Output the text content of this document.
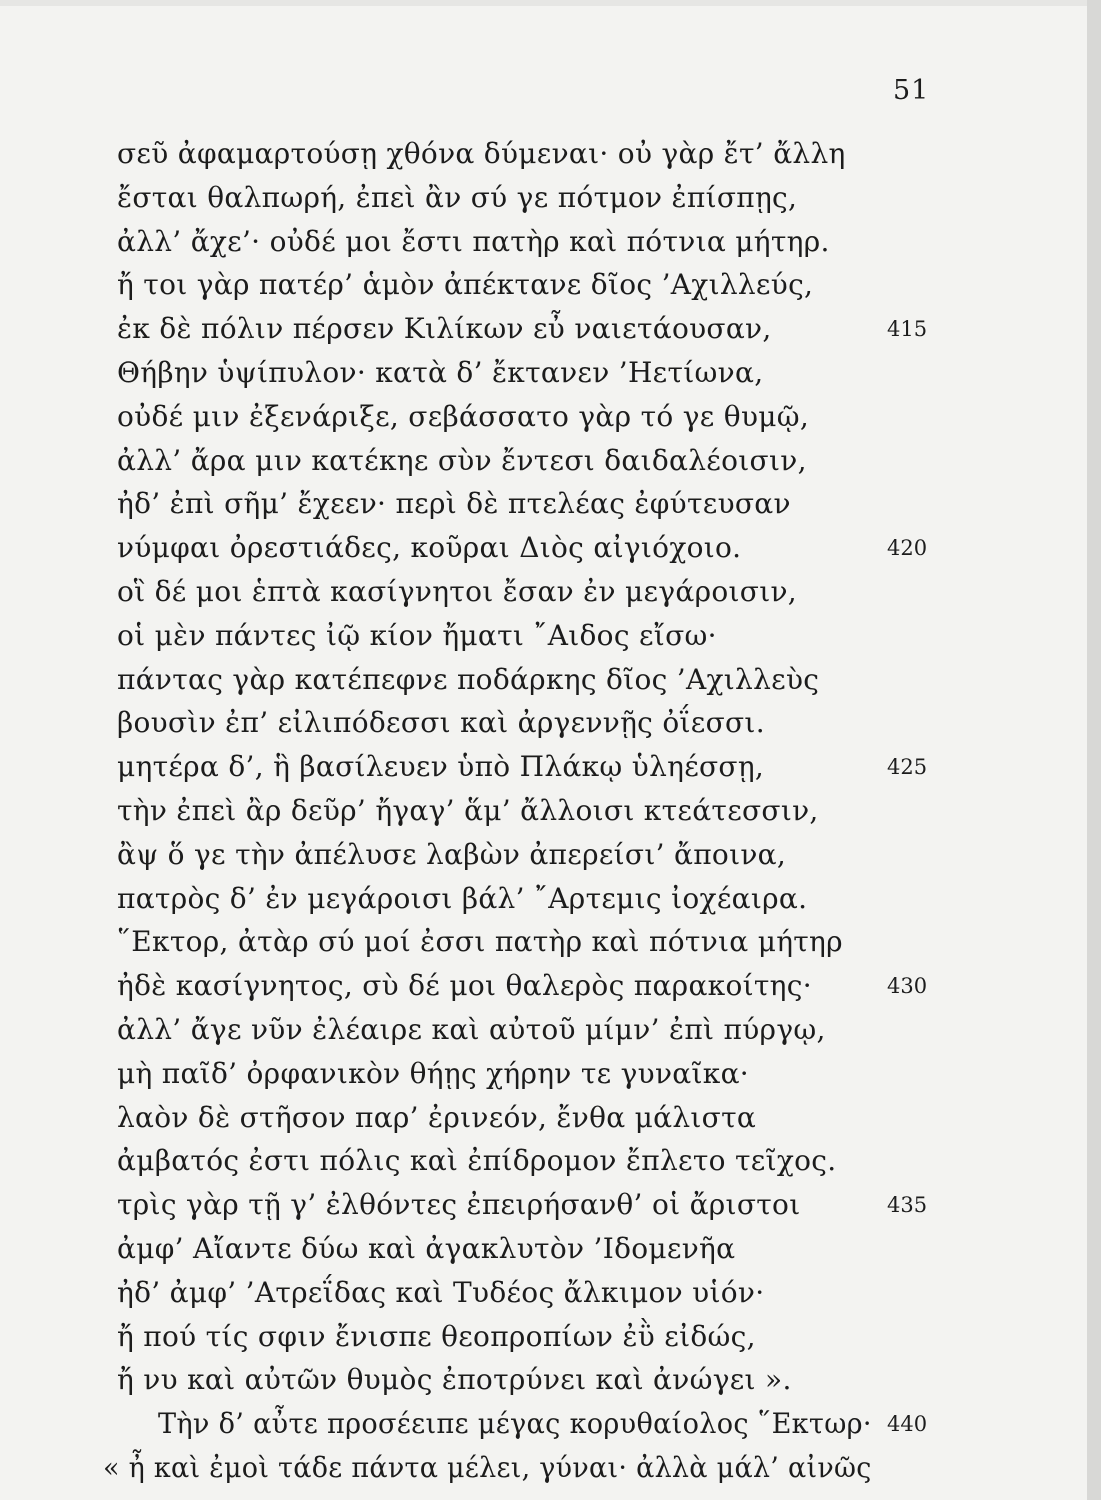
51
σεῦ ἀφαμαρτούσῃ χθόνα δύμεναι· οὐ γὰρ ἔτ’ ἄλλη
ἔσται θαλπωρή, ἐπεὶ ἂν σύ γε πότμον ἐπίσπῃς,
ἀλλ’ ἄχε’· οὐδέ μοι ἔστι πατὴρ καὶ πότνια μήτηρ.
ἤ τοι γὰρ πατέρ’ ἁμὸν ἀπέκτανε δῖος ’Αχιλλεύς,
ἐκ δὲ πόλιν πέρσεν Κιλίκων εὖ ναιετάουσαν,	415
Θήβην ὑψίπυλον· κατὰ δ’ ἔκτανεν ’Ηετίωνα,
οὐδέ μιν ἐξενάριξε, σεβάσσατο γὰρ τό γε θυμῷ,
ἀλλ’ ἄρα μιν κατέκηε σὺν ἔντεσι δαιδαλέοισιν,
ἠδ’ ἐπὶ σῆμ’ ἔχεεν· περὶ δὲ πτελέας ἐφύτευσαν
νύμφαι ὀρεστιάδες, κοῦραι Διὸς αἰγιόχοιο.	420
οἳ δέ μοι ἑπτὰ κασίγνητοι ἔσαν ἐν μεγάροισιν,
οἱ μὲν πάντες ἰῷ κίον ἤματι ῎Αιδος εἴσω·
πάντας γὰρ κατέπεφνε ποδάρκης δῖος ’Αχιλλεὺς
βουσὶν ἐπ’ εἰλιπόδεσσι καὶ ἀργεννῇς ὀΐεσσι.
μητέρα δ’, ἣ βασίλευεν ὑπὸ Πλάκῳ ὑληέσσῃ,	425
τὴν ἐπεὶ ἂρ δεῦρ’ ἤγαγ’ ἅμ’ ἄλλοισι κτεάτεσσιν,
ἂψ ὅ γε τὴν ἀπέλυσε λαβὼν ἀπερείσι’ ἄποινα,
πατρὸς δ’ ἐν μεγάροισι βάλ’ ῎Αρτεμις ἰοχέαιρα.
῞Εκτορ, ἀτὰρ σύ μοί ἐσσι πατὴρ καὶ πότνια μήτηρ
ἠδὲ κασίγνητος, σὺ δέ μοι θαλερὸς παρακοίτης·	430
ἀλλ’ ἄγε νῦν ἐλέαιρε καὶ αὐτοῦ μίμν’ ἐπὶ πύργῳ,
μὴ παῖδ’ ὀρφανικὸν θήῃς χήρην τε γυναῖκα·
λαὸν δὲ στῆσον παρ’ ἐρινεόν, ἔνθα μάλιστα
ἀμβατός ἐστι πόλις καὶ ἐπίδρομον ἔπλετο τεῖχος.
τρὶς γὰρ τῇ γ’ ἐλθόντες ἐπειρήσανθ’ οἱ ἄριστοι	435
ἀμφ’ Αἴαντε δύω καὶ ἀγακλυτὸν ’Ιδομενῆα
ἠδ’ ἀμφ’ ’Ατρεΐδας καὶ Τυδέος ἄλκιμον υἱόν·
ἤ πού τίς σφιν ἔνισπε θεοπροπίων ἐῢ εἰδώς,
ἤ νυ καὶ αὐτῶν θυμὸς ἐποτρύνει καὶ ἀνώγει ».
Τὴν δ’ αὖτε προσέειπε μέγας κορυθαίολος ῞Εκτωρ· 440
« ἦ καὶ ἐμοὶ τάδε πάντα μέλει, γύναι· ἀλλὰ μάλ’ αἰνῶς
